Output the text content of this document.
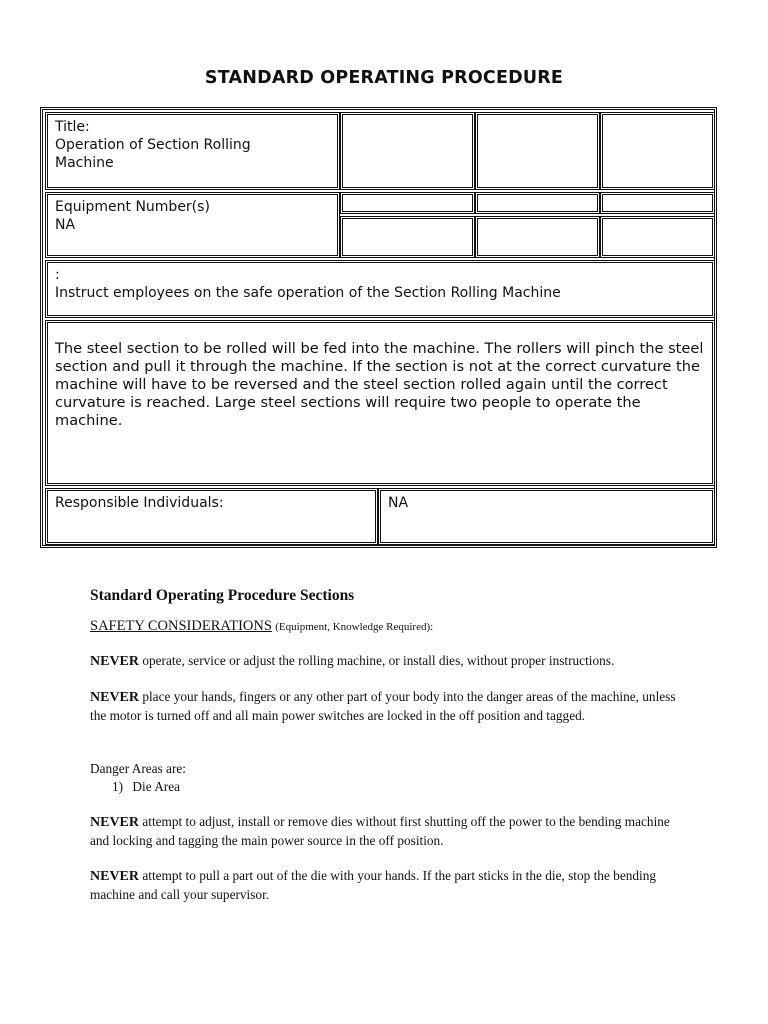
STANDARD OPERATING PROCEDURE
Title:
Operation of Section Rolling
Machine
Equipment Number(s)
NA
:
Instruct employees on the safe operation of the Section Rolling Machine
The steel section to be rolled will be fed into the machine. The rollers will pinch the steel section and pull it through the machine. If the section is not at the correct curvature the machine will have to be reversed and the steel section rolled again until the correct curvature is reached. Large steel sections will require two people to operate the machine.
Responsible Individuals:	NA
Standard Operating Procedure Sections
SAFETY CONSIDERATIONS (Equipment, Knowledge Required):
NEVER operate, service or adjust the rolling machine, or install dies, without proper instructions.
NEVER place your hands, fingers or any other part of your body into the danger areas of the machine, unless the motor is turned off and all main power switches are locked in the off position and tagged.
Danger Areas are:
1) Die Area
NEVER attempt to adjust, install or remove dies without first shutting off the power to the bending machine and locking and tagging the main power source in the off position.
NEVER attempt to pull a part out of the die with your hands. If the part sticks in the die, stop the bending machine and call your supervisor.
